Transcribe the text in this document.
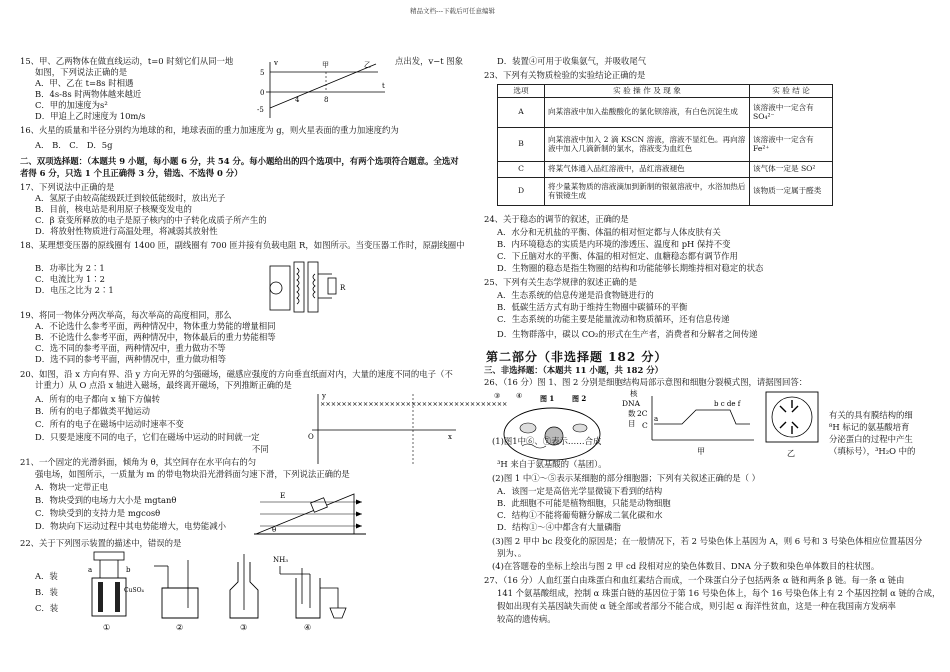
精品文档---下载后可任意编辑
15、甲、乙两物体在做直线运动，t=0 时刻它们从同一地	点出发，v−t 图象
如图，下列说法正确的是
A．甲、乙在 t=8s 时相遇
B．4s-8s 时两物体越来越近
C．甲的加速度为s²
D．甲追上乙时速度为 10m/s
v
t
甲	乙
5
0
-5
4	8
16、火星的质量和半径分别约为地球的和，地球表面的重力加速度为 g，则火星表面的重力加速度约为
A． B． C． D．5g
二、双项选择题：（本题共 9 小题，每小题 6 分，共 54 分。每小题给出的四个选项中，有两个选项符合题意。全选对
者得 6 分，只选 1 个且正确得 3 分，错选、不选得 0 分）
17、下列说法中正确的是
A．氢原子由较高能级跃迁到较低能级时，放出光子
B．目前，核电站是利用原子核聚变发电的
C．β 衰变所释放的电子是原子核内的中子转化成质子所产生的
D．将放射性物质进行高温处理，将减弱其放射性
18、某理想变压器的原线圈有 1400 匝，副线圈有 700 匝并接有负载电阻 R，如图所示。当变压器工作时，原副线圈中
B．功率比为 2∶1
C．电流比为 1∶2
D．电压之比为 2∶1	R
19、将同一物体分两次举高，每次举高的高度相同，那么
A．不论选什么参考平面，两种情况中，物体重力势能的增量相同
B．不论选什么参考平面，两种情况中，物体最后的重力势能相等
C．选不同的参考平面，两种情况中，重力做功不等
D．选不同的参考平面，两种情况中，重力做功相等
20、如图，沿 x 方向有界、沿 y 方向无界的匀强磁场，磁感应强度的方向垂直纸面对内，大量的速度不同的电子（不
计重力）从 O 点沿 x 轴进入磁场，最终离开磁场，下列推断正确的是
A．所有的电子都向 x 轴下方偏转
B．所有的电子都做类平抛运动
C．所有的电子在磁场中运动时速率不变
D．只要是速度不同的电子，它们在磁场中运动的时间就一定
不同
y
x
O
×××××××××××××××××××××××××××××××××××
21、一个固定的光滑斜面，倾角为 θ，其空间存在水平向右的匀
强电场，如图所示，一质量为 m 的带电物块沿光滑斜面匀速下滑，下列说法正确的是
A．物块一定带正电
B．物块受到的电场力大小是 mgtanθ
C．物块受到的支持力是 mgcosθ
D．物块向下运动过程中其电势能增大，电势能减小
E
θ
22、关于下列图示装置的描述中，错误的是
A．装
B．装
C．装
a	b
CuSO₄
①	②	③
NH₃
④
D．装置④可用于收集氨气，并吸收尾气
23、下列有关物质检验的实验结论正确的是
选项	实 验 操 作 及 现 象	实 验 结 论
A	向某溶液中加入盐酸酸化的氯化钡溶液，有白色沉淀生成	该溶液中一定含有 SO₄²⁻
B	向某溶液中加入 2 滴 KSCN 溶液，溶液不显红色。再向溶液中加入几滴新制的氯水，溶液变为血红色	该溶液中一定含有 Fe²⁺
C	将某气体通入品红溶液中，品红溶液褪色	该气体一定是 SO²
D	将少量某物质的溶液滴加到新制的银氨溶液中，水浴加热后有银镜生成	该物质一定属于醛类
24、关于稳态的调节的叙述，正确的是
A．水分和无机盐的平衡、体温的相对恒定都与人体皮肤有关
B．内环境稳态的实质是内环境的渗透压、温度和 pH 保持不变
C．下丘脑对水的平衡、体温的相对恒定、血糖稳态都有调节作用
D．生物圈的稳态是指生物圈的结构和功能能够长期维持相对稳定的状态
25、下列有关生态学规律的叙述正确的是
A．生态系统的信息传递是沿食物链进行的
B．低碳生活方式有助于维持生物圈中碳循环的平衡
C．生态系统的功能主要是能量流动和物质循环，还有信息传递
D．生物群落中，碳以 CO₂的形式在生产者，消费者和分解者之间传递
第二部分（非选择题 182 分）
三、非选择题：（本题共 11 小题，共 182 分）
26、（16 分）图 1、图 2 分别是细胞结构局部示意图和细胞分裂模式图，请据图回答：
③ ④	图 1
核
DNA
数 2C
目 C
a
b c de f
甲
图 2
乙
有关的具有膜结构的细
⁸H 标记的氨基酸培育
分泌蛋白的过程中产生
（填标号），³H₂O 中的
(1)图1中⑥、⑦表示……合成
³H 来自于氨基酸的（基团）。
(2)图 1 中①～⑤表示某细胞的部分细胞器；下列有关叙述正确的是（ ）
A．该图一定是高倍光学显微镜下看到的结构
B．此细胞不可能是植物细胞，只能是动物细胞
C．结构①不能将葡萄糖分解成二氧化碳和水
D．结构①～④中都含有大量磷脂
(3)图 2 甲中 bc 段变化的原因是；在一般情况下，若 2 号染色体上基因为 A，则 6 号和 3 号染色体相应位置基因分
别为、。
(4)在答题卷的坐标上绘出与图 2 甲 cd 段相对应的染色体数目、DNA 分子数和染色单体数目的柱状图。
27、（16 分）人血红蛋白由珠蛋白和血红素结合而成，一个珠蛋白分子包括两条 α 链和两条 β 链。每一条 α 链由
141 个氨基酸组成，控制 α 珠蛋白链的基因位于第 16 号染色体上，每个 16 号染色体上有 2 个基因控制 α 链的合成，
假如出现有关基因缺失而使 α 链全部或者部分不能合成，则引起 α 海洋性贫血，这是一种在我国南方发病率
较高的遗传病。
